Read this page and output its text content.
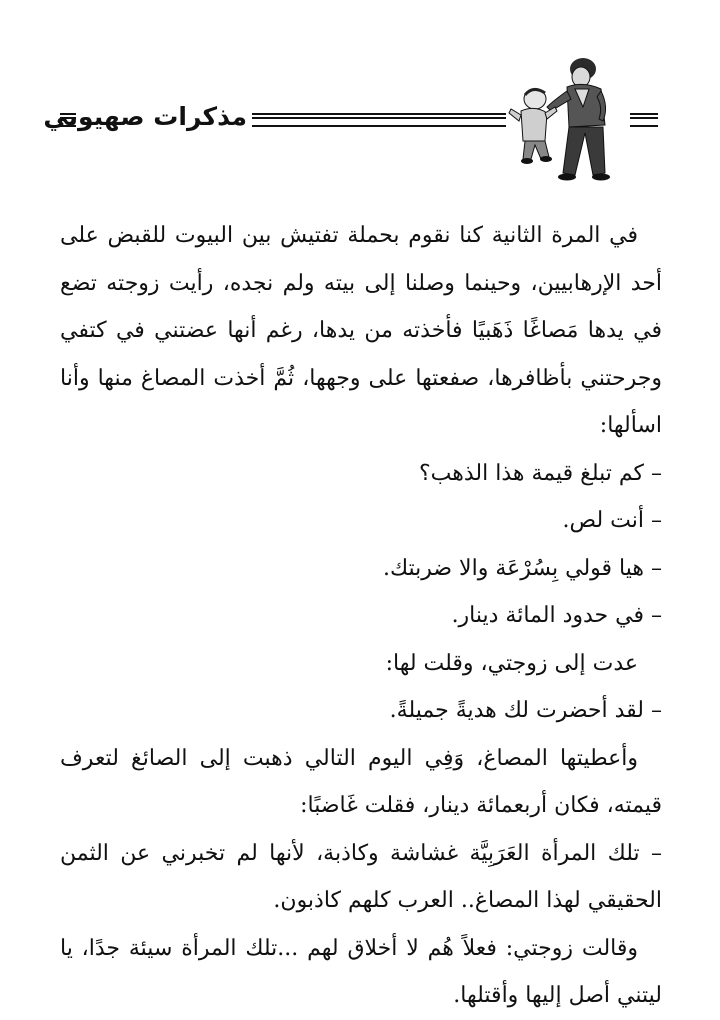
مذكرات صهيوني

في المرة الثانية كنا نقوم بحملة تفتيش بين البيوت للقبض على أحد الإرهابيين، وحينما وصلنا إلى بيته ولم نجده، رأيت زوجته تضع في يدها مَصاغًا ذَهَبيًا فأخذته من يدها، رغم أنها عضتني في كتفي وجرحتني بأظافرها، صفعتها على وجهها، ثُمَّ أخذت المصاغ منها وأنا اسألها:

– كم تبلغ قيمة هذا الذهب؟

– أنت لص.

– هيا قولي بِسُرْعَة والا ضربتك.

– في حدود المائة دينار.

عدت إلى زوجتي، وقلت لها:

– لقد أحضرت لك هديةً جميلةً.

وأعطيتها المصاغ، وَفِي اليوم التالي ذهبت إلى الصائغ لتعرف قيمته، فكان أربعمائة دينار، فقلت غَاضبًا:

– تلك المرأة العَرَبِيَّة غشاشة وكاذبة، لأنها لم تخبرني عن الثمن الحقيقي لهذا المصاغ.. العرب كلهم كاذبون.

وقالت زوجتي: فعلاً هُم لا أخلاق لهم ...تلك المرأة سيئة جدًا، يا ليتني أصل إليها وأقتلها.
